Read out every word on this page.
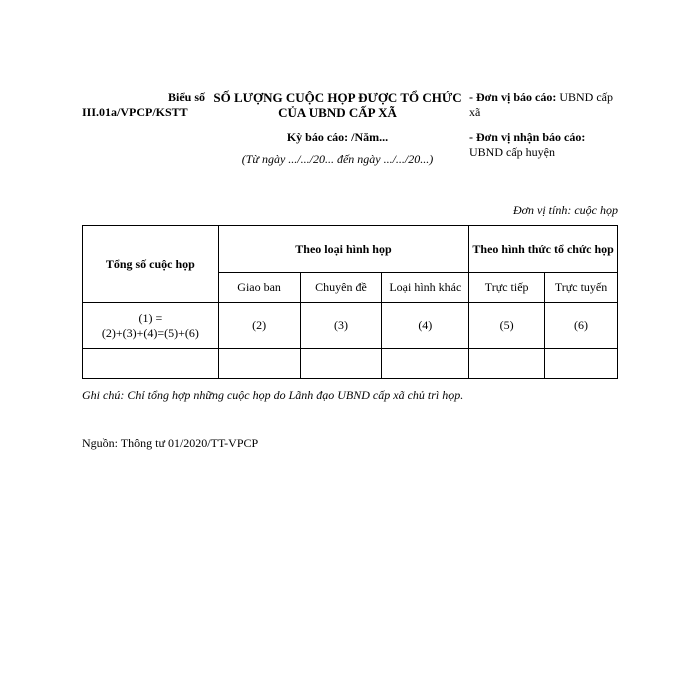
Biểu số
III.01a/VPCP/KSTT
SỐ LƯỢNG CUỘC HỌP ĐƯỢC TỔ CHỨC
CỦA UBND CẤP XÃ
Kỳ báo cáo: /Năm...
(Từ ngày .../.../20... đến ngày .../.../20...)
- Đơn vị báo cáo: UBND cấp xã
- Đơn vị nhận báo cáo: UBND cấp huyện
Đơn vị tính: cuộc họp
Tổng số cuộc họp	Theo loại hình họp			Theo hình thức tổ chức họp	
	Giao ban	Chuyên đề	Loại hình khác	Trực tiếp	Trực tuyến

(1) =
(2)+(3)+(4)=(5)+(6)	(2)	(3)	(4)	(5)	(6)

Ghi chú: Chỉ tổng hợp những cuộc họp do Lãnh đạo UBND cấp xã chủ trì họp.
Nguồn: Thông tư 01/2020/TT-VPCP
